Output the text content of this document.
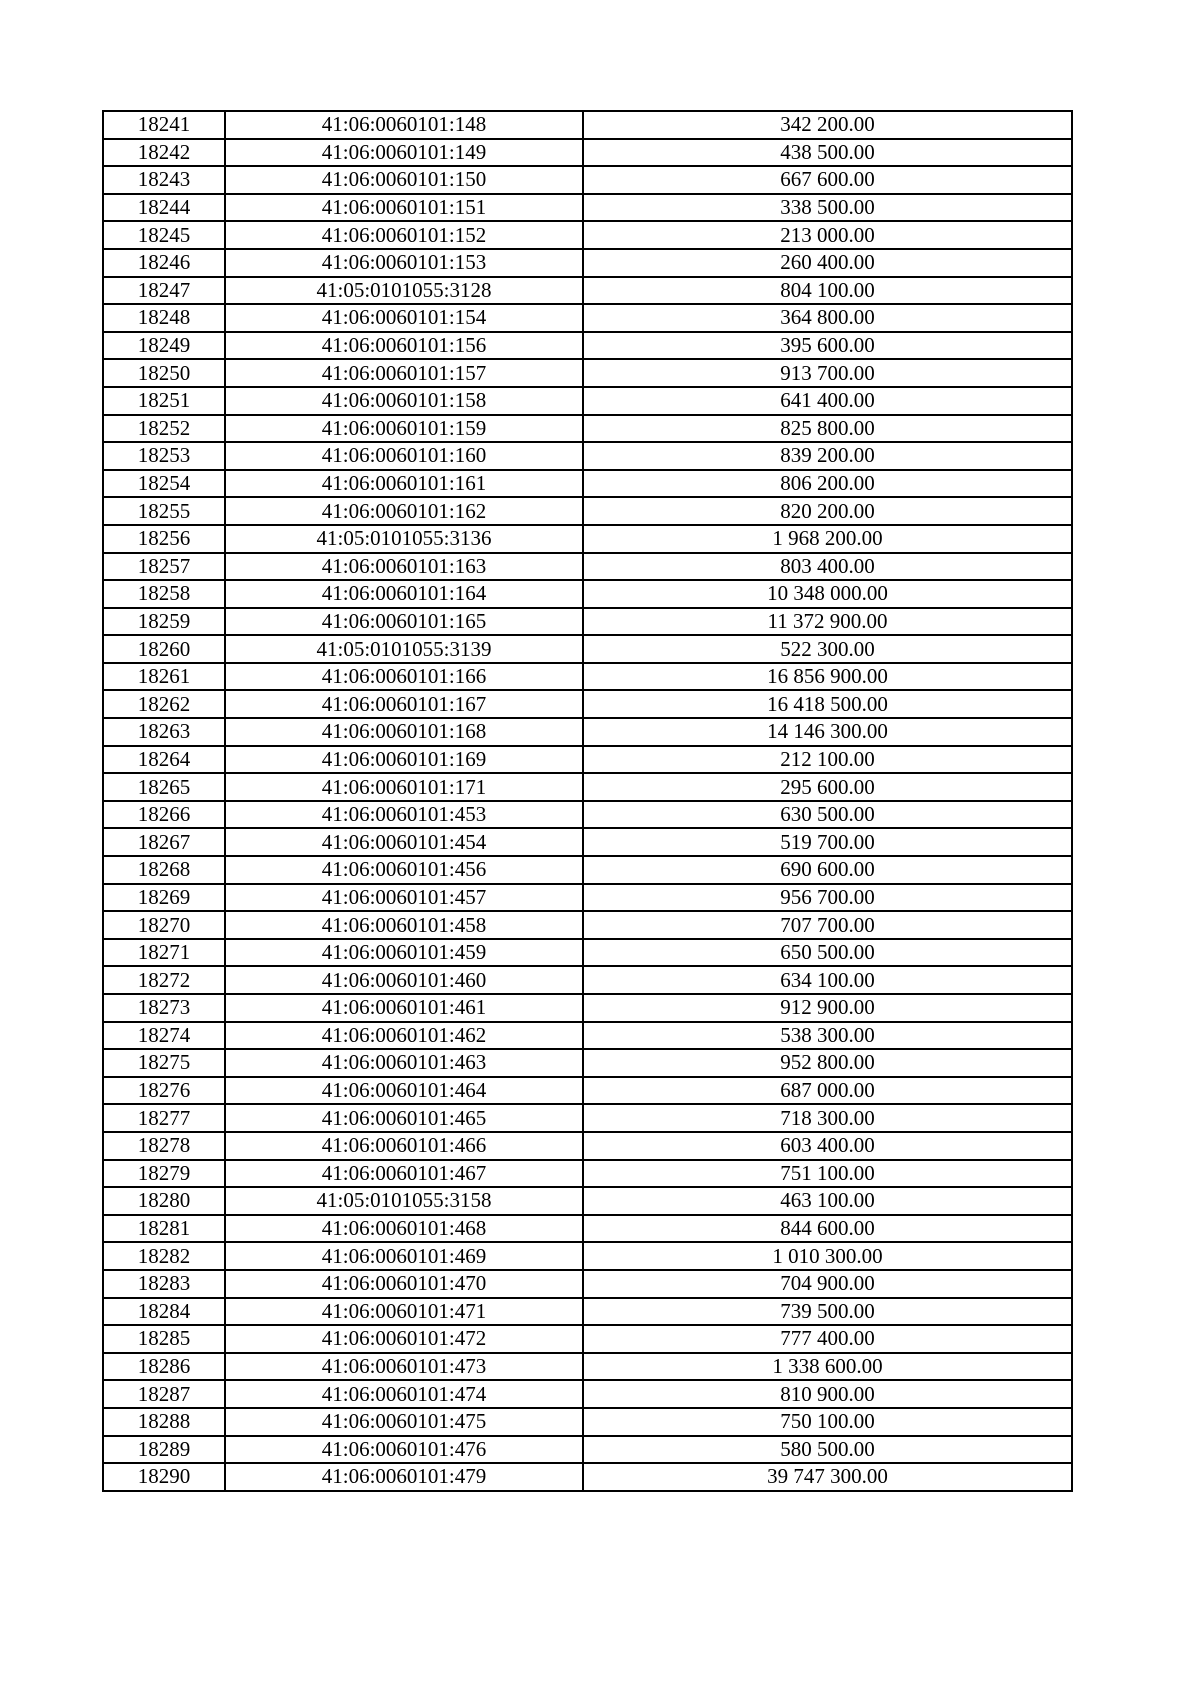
18241	41:06:0060101:148	342 200.00
18242	41:06:0060101:149	438 500.00
18243	41:06:0060101:150	667 600.00
18244	41:06:0060101:151	338 500.00
18245	41:06:0060101:152	213 000.00
18246	41:06:0060101:153	260 400.00
18247	41:05:0101055:3128	804 100.00
18248	41:06:0060101:154	364 800.00
18249	41:06:0060101:156	395 600.00
18250	41:06:0060101:157	913 700.00
18251	41:06:0060101:158	641 400.00
18252	41:06:0060101:159	825 800.00
18253	41:06:0060101:160	839 200.00
18254	41:06:0060101:161	806 200.00
18255	41:06:0060101:162	820 200.00
18256	41:05:0101055:3136	1 968 200.00
18257	41:06:0060101:163	803 400.00
18258	41:06:0060101:164	10 348 000.00
18259	41:06:0060101:165	11 372 900.00
18260	41:05:0101055:3139	522 300.00
18261	41:06:0060101:166	16 856 900.00
18262	41:06:0060101:167	16 418 500.00
18263	41:06:0060101:168	14 146 300.00
18264	41:06:0060101:169	212 100.00
18265	41:06:0060101:171	295 600.00
18266	41:06:0060101:453	630 500.00
18267	41:06:0060101:454	519 700.00
18268	41:06:0060101:456	690 600.00
18269	41:06:0060101:457	956 700.00
18270	41:06:0060101:458	707 700.00
18271	41:06:0060101:459	650 500.00
18272	41:06:0060101:460	634 100.00
18273	41:06:0060101:461	912 900.00
18274	41:06:0060101:462	538 300.00
18275	41:06:0060101:463	952 800.00
18276	41:06:0060101:464	687 000.00
18277	41:06:0060101:465	718 300.00
18278	41:06:0060101:466	603 400.00
18279	41:06:0060101:467	751 100.00
18280	41:05:0101055:3158	463 100.00
18281	41:06:0060101:468	844 600.00
18282	41:06:0060101:469	1 010 300.00
18283	41:06:0060101:470	704 900.00
18284	41:06:0060101:471	739 500.00
18285	41:06:0060101:472	777 400.00
18286	41:06:0060101:473	1 338 600.00
18287	41:06:0060101:474	810 900.00
18288	41:06:0060101:475	750 100.00
18289	41:06:0060101:476	580 500.00
18290	41:06:0060101:479	39 747 300.00
